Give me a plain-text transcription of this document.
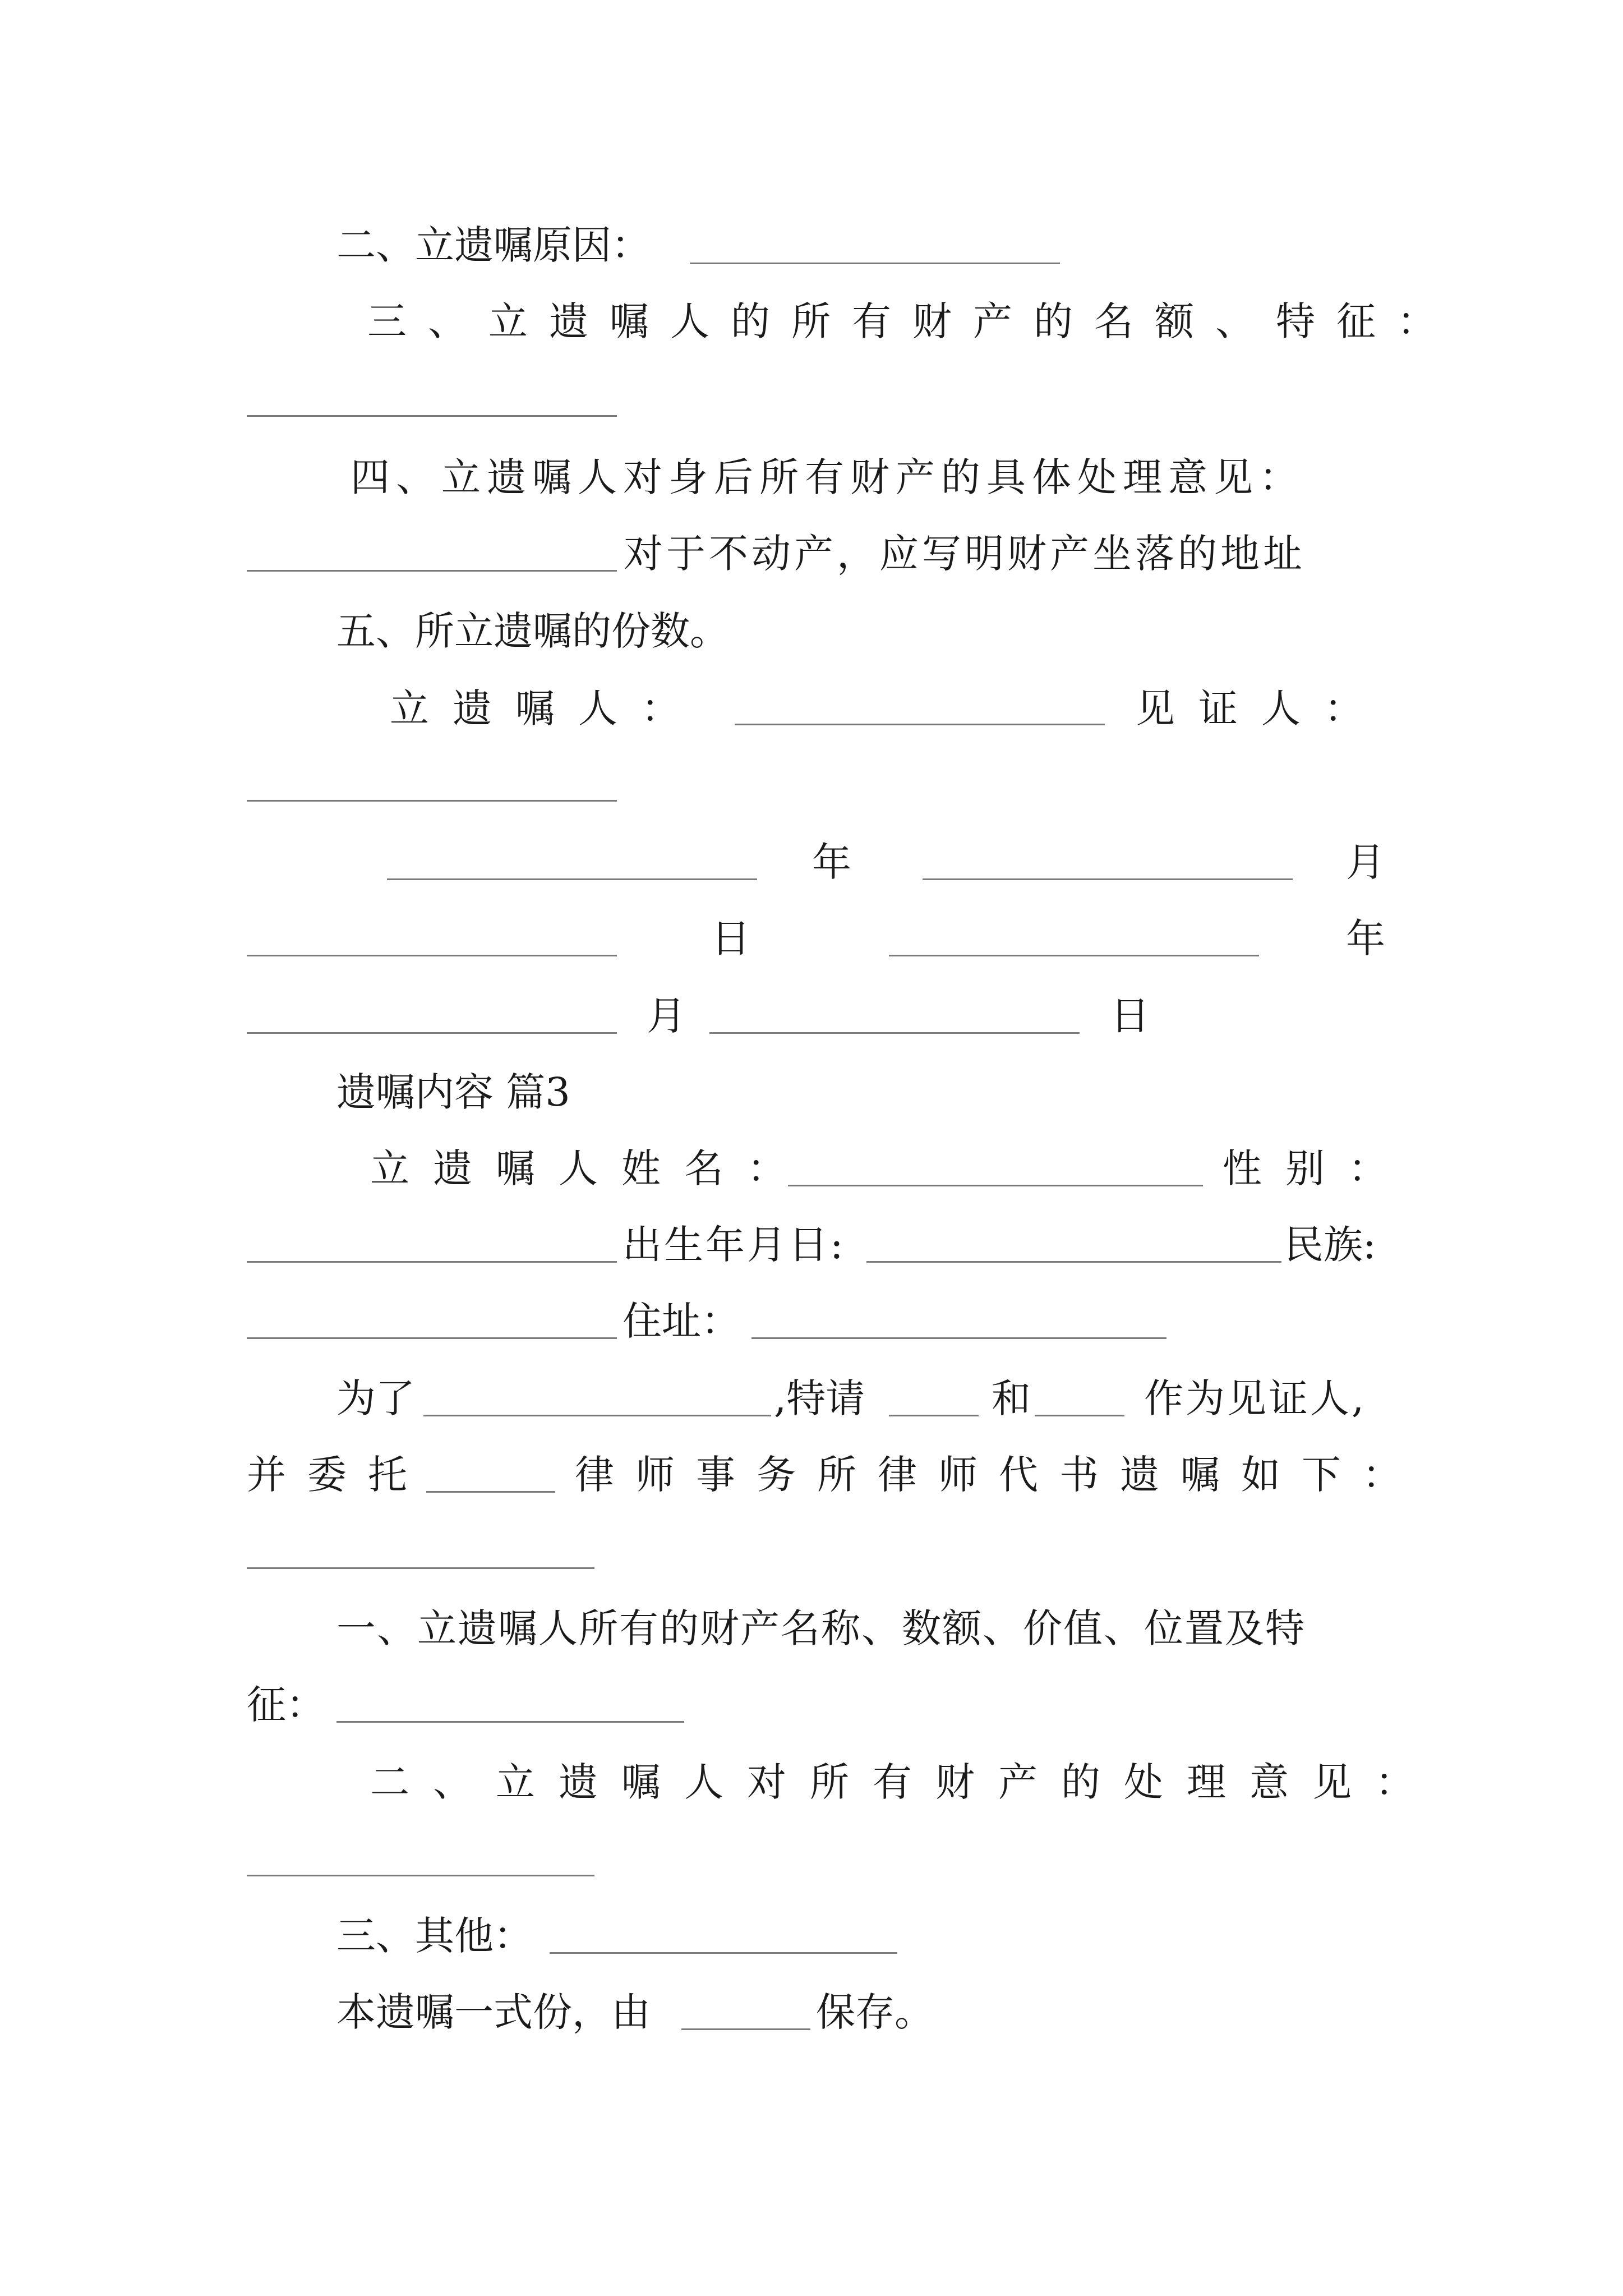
二、立遗嘱原因：
三、立遗嘱人的所有财产的名额、特征：
四、立遗嘱人对身后所有财产的具体处理意见：
对于不动产，应写明财产坐落的地址
五、所立遗嘱的份数。
立遗嘱人：	见证人：
年	月
日	年
月	日
遗嘱内容 篇3
立遗嘱人姓名：	性别：
出生年月日:	民族:
住址：
为了	,特请	和	作为见证人,
并委托	律师事务所律师代书遗嘱如下：
一、立遗嘱人所有的财产名称、数额、价值、位置及特
征：
二、立遗嘱人对所有财产的处理意见：
三、其他：
本遗嘱一式份，由	保存。
